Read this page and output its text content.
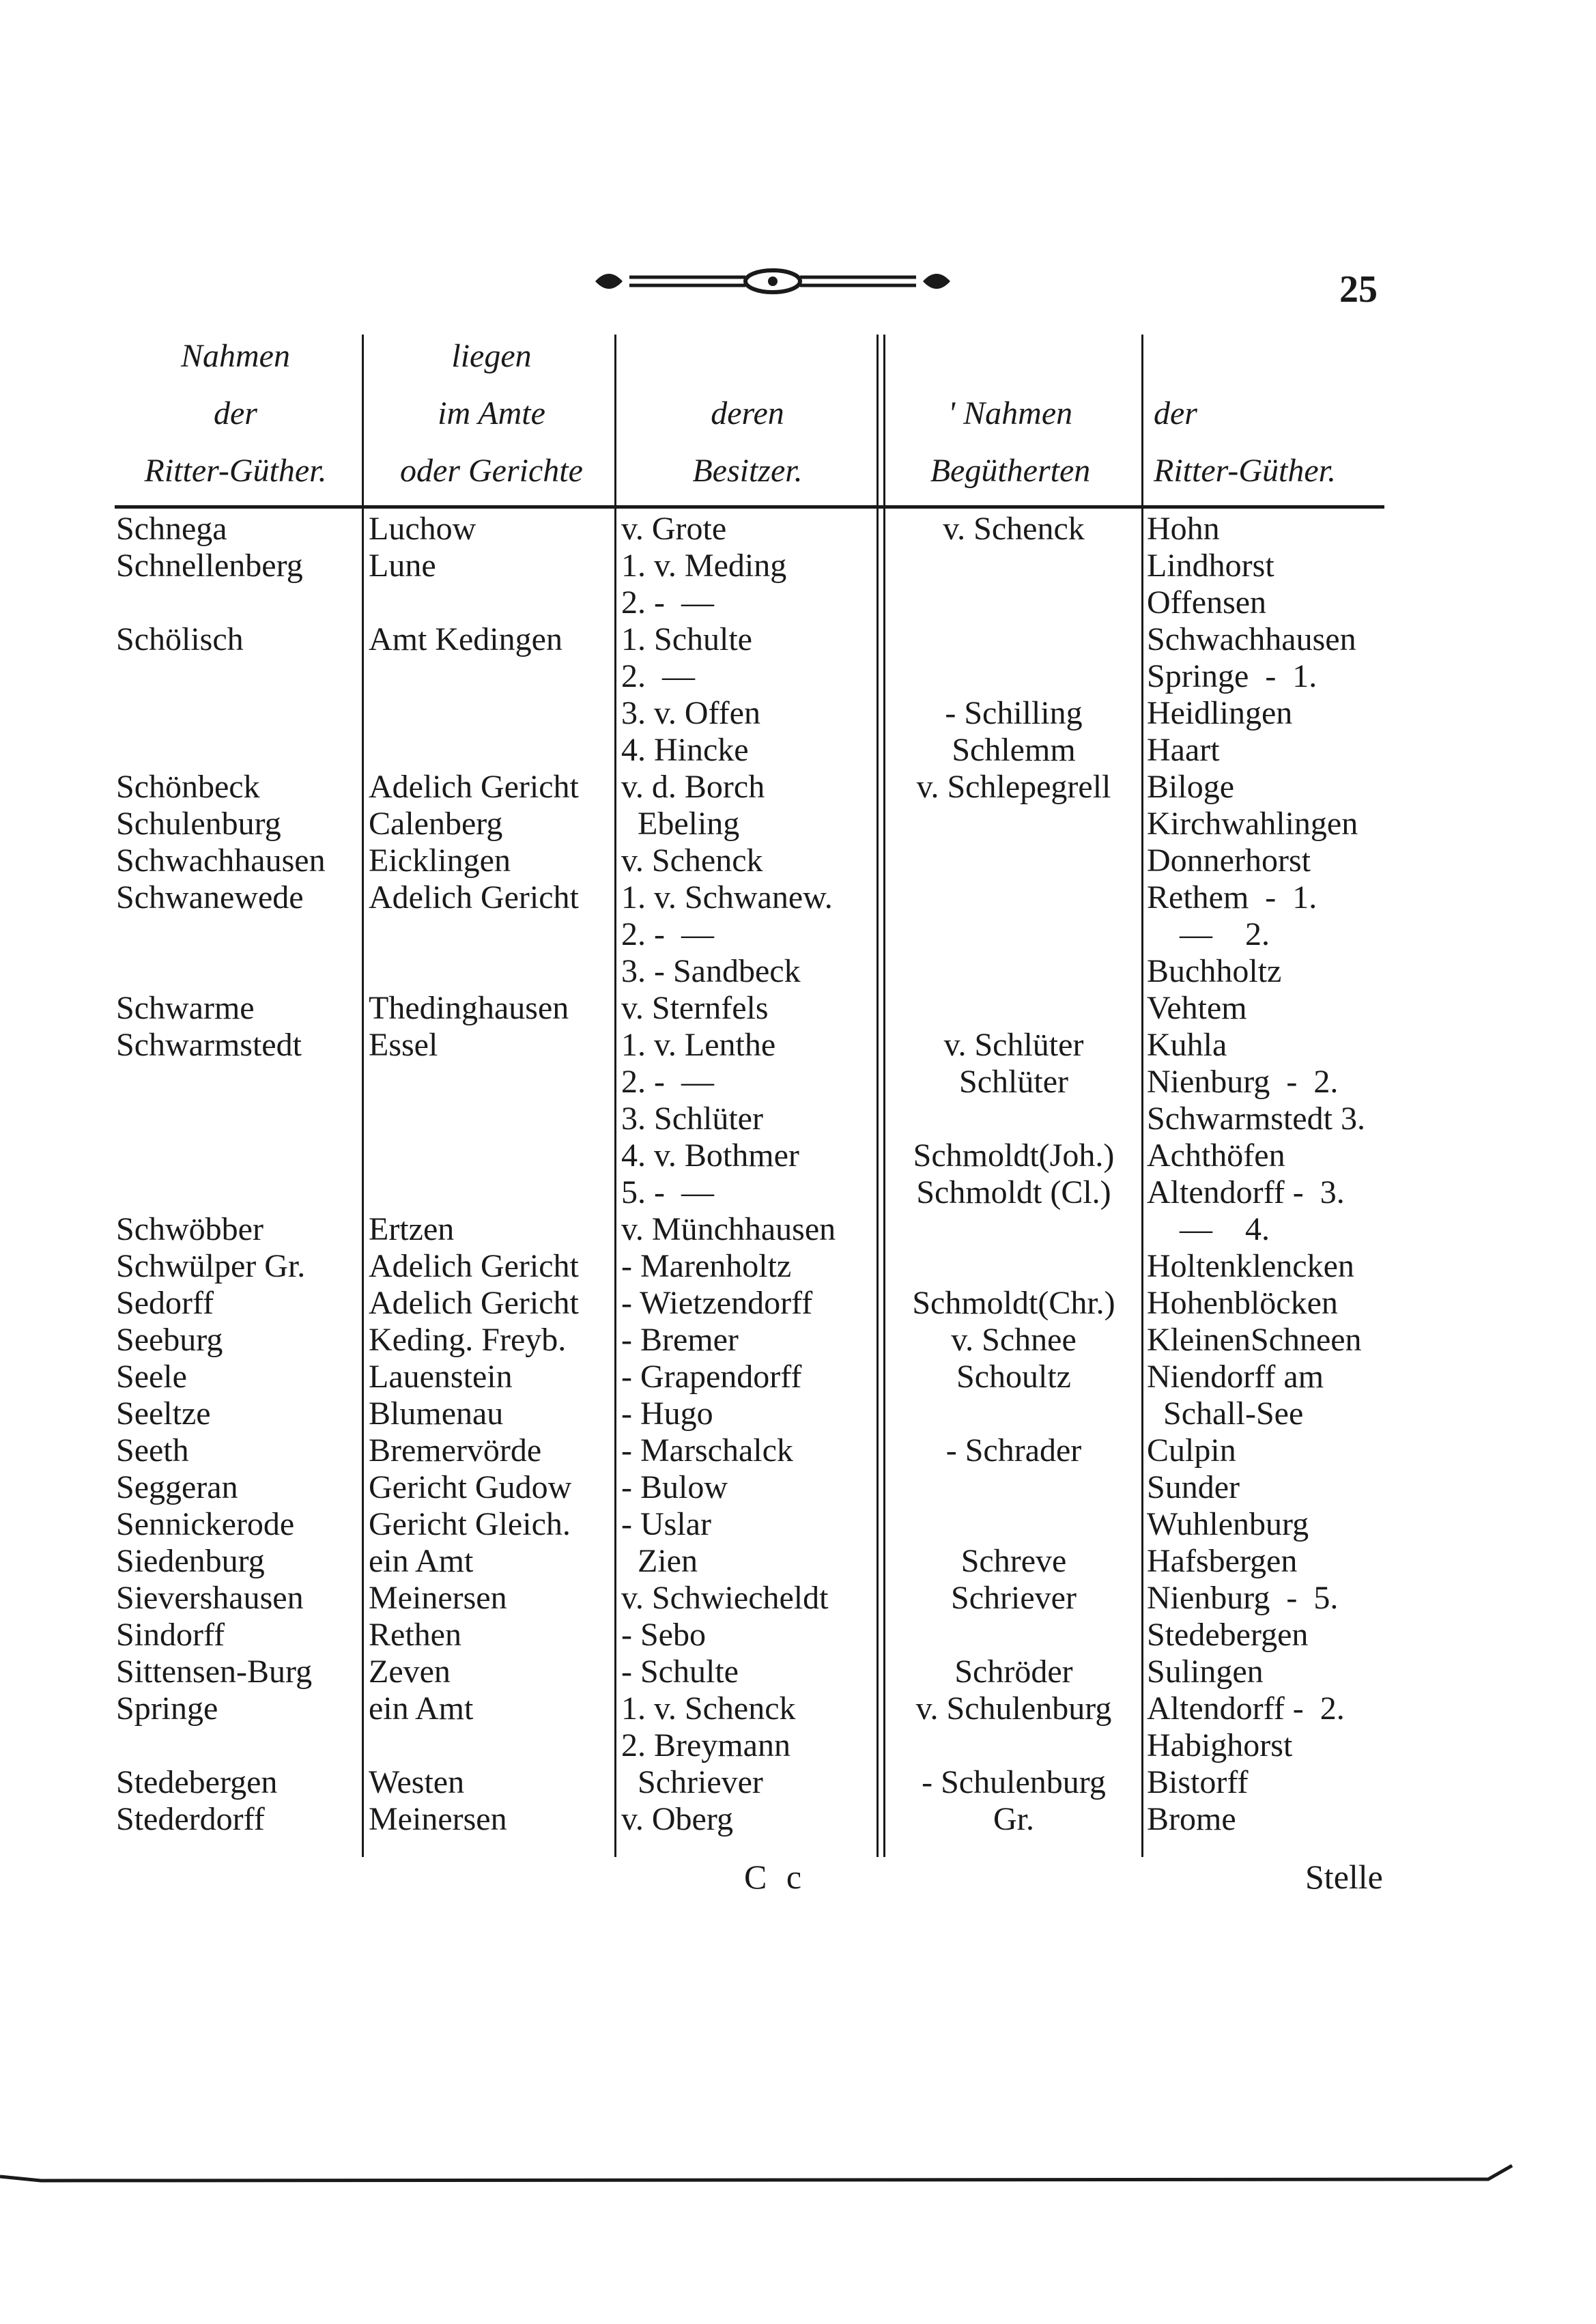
25
Nahmen
der
Ritter-Güther.
liegen
im Amte
oder Gerichte
deren
Besitzer.
' Nahmen
Begütherten
der
Ritter-Güther.
Schnega
Schnellenberg
Schölisch
Schönbeck
Schulenburg
Schwachhausen
Schwanewede
Schwarme
Schwarmstedt
Schwöbber
Schwülper Gr.
Sedorff
Seeburg
Seele
Seeltze
Seeth
Seggeran
Sennickerode
Siedenburg
Sievershausen
Sindorff
Sittensen-Burg
Springe
Stedebergen
Stederdorff
Luchow
Lune
Amt Kedingen
Adelich Gericht
Calenberg
Eicklingen
Adelich Gericht
Thedinghausen
Essel
Ertzen
Adelich Gericht
Adelich Gericht
Keding. Freyb.
Lauenstein
Blumenau
Bremervörde
Gericht Gudow
Gericht Gleich.
ein Amt
Meinersen
Rethen
Zeven
ein Amt
Westen
Meinersen
v. Grote
1. v. Meding
2. -  —
1. Schulte
2.  —
3. v. Offen
4. Hincke
v. d. Borch
Ebeling
v. Schenck
1. v. Schwanew.
2. -  —
3. - Sandbeck
v. Sternfels
1. v. Lenthe
2. -  —
3. Schlüter
4. v. Bothmer
5. -  —
v. Münchhausen
- Marenholtz
- Wietzendorff
- Bremer
- Grapendorff
- Hugo
- Marschalck
- Bulow
- Uslar
Zien
v. Schwiecheldt
- Sebo
- Schulte
1. v. Schenck
2. Breymann
Schriever
v. Oberg
v. Schenck
- Schilling
Schlemm
v. Schlepegrell
v. Schlüter
Schlüter
Schmoldt(Joh.)
Schmoldt (Cl.)
Schmoldt(Chr.)
v. Schnee
Schoultz
- Schrader
Schreve
Schriever
Schröder
v. Schulenburg
- Schulenburg
Gr.
Hohn
Lindhorst
Offensen
Schwachhausen
Springe  -  1.
Heidlingen
Haart
Biloge
Kirchwahlingen
Donnerhorst
Rethem  -  1.
—    2.
Buchholtz
Vehtem
Kuhla
Nienburg  -  2.
Schwarmstedt 3.
Achthöfen
Altendorff -  3.
—    4.
Holtenklencken
Hohenblöcken
KleinenSchneen
Niendorff am
Schall-See
Culpin
Sunder
Wuhlenburg
Hafsbergen
Nienburg  -  5.
Stedebergen
Sulingen
Altendorff -  2.
Habighorst
Bistorff
Brome
C c	Stelle
